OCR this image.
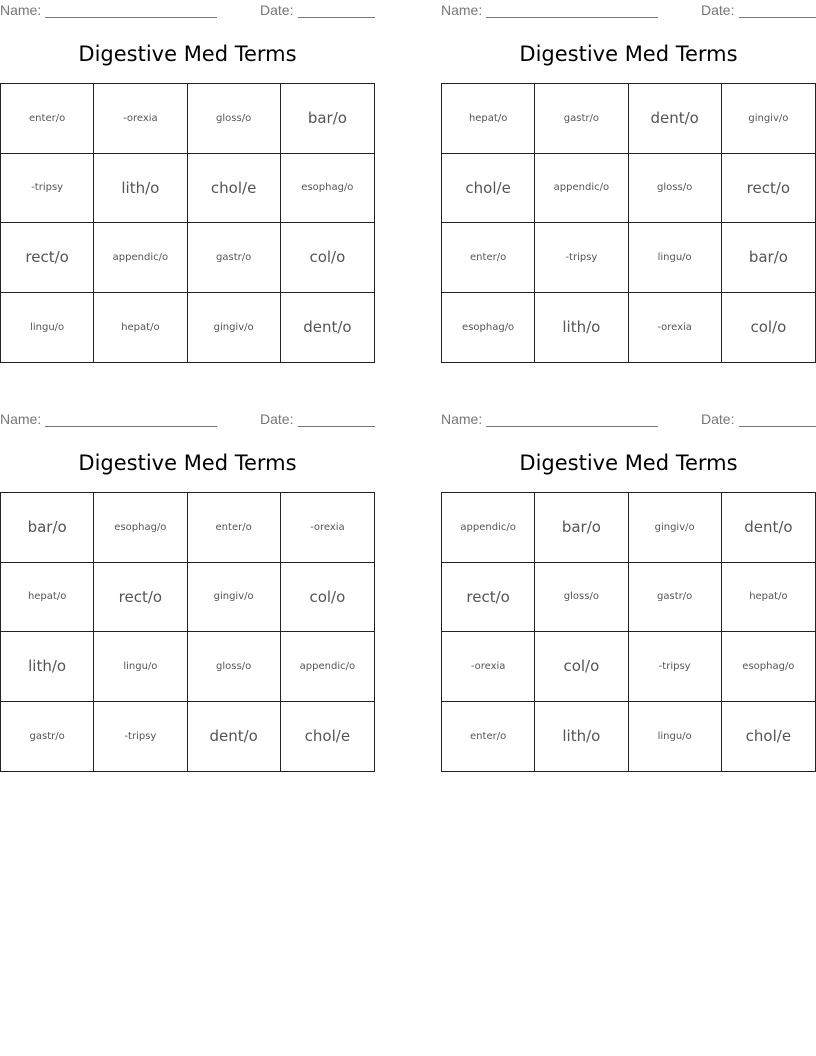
Name:	Date:
Digestive Med Terms
enter/o	-orexia	gloss/o	bar/o
-tripsy	lith/o	chol/e	esophag/o
rect/o	appendic/o	gastr/o	col/o
lingu/o	hepat/o	gingiv/o	dent/o
Name:	Date:
Digestive Med Terms
hepat/o	gastr/o	dent/o	gingiv/o
chol/e	appendic/o	gloss/o	rect/o
enter/o	-tripsy	lingu/o	bar/o
esophag/o	lith/o	-orexia	col/o
Name:	Date:
Digestive Med Terms
bar/o	esophag/o	enter/o	-orexia
hepat/o	rect/o	gingiv/o	col/o
lith/o	lingu/o	gloss/o	appendic/o
gastr/o	-tripsy	dent/o	chol/e
Name:	Date:
Digestive Med Terms
appendic/o	bar/o	gingiv/o	dent/o
rect/o	gloss/o	gastr/o	hepat/o
-orexia	col/o	-tripsy	esophag/o
enter/o	lith/o	lingu/o	chol/e
